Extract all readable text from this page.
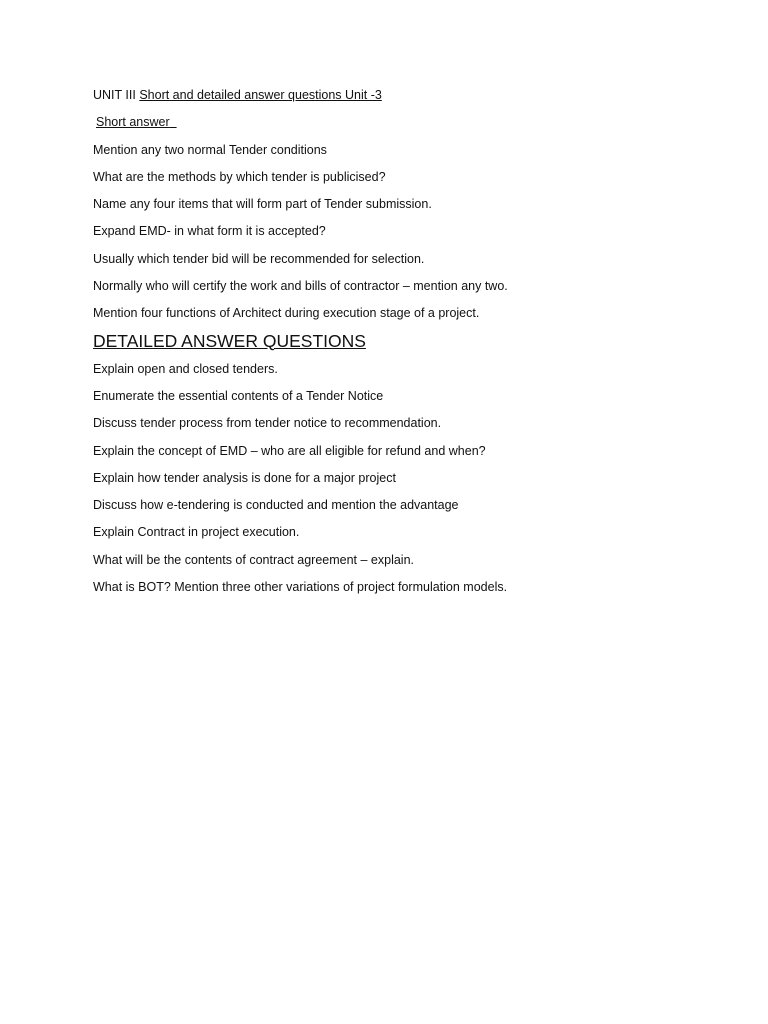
UNIT III Short and detailed answer questions Unit -3

Short answer

Mention any two normal Tender conditions

What are the methods by which tender is publicised?

Name any four items that will form part of Tender submission.

Expand EMD- in what form it is accepted?

Usually which tender bid will be recommended for selection.

Normally who will certify the work and bills of contractor – mention any two.

Mention four functions of Architect during execution stage of a project.

DETAILED ANSWER QUESTIONS

Explain open and closed tenders.

Enumerate the essential contents of a Tender Notice

Discuss tender process from tender notice to recommendation.

Explain the concept of EMD – who are all eligible for refund and when?

Explain how tender analysis is done for a major project

Discuss how e-tendering is conducted and mention the advantage

Explain Contract in project execution.

What will be the contents of contract agreement – explain.

What is BOT? Mention three other variations of project formulation models.
